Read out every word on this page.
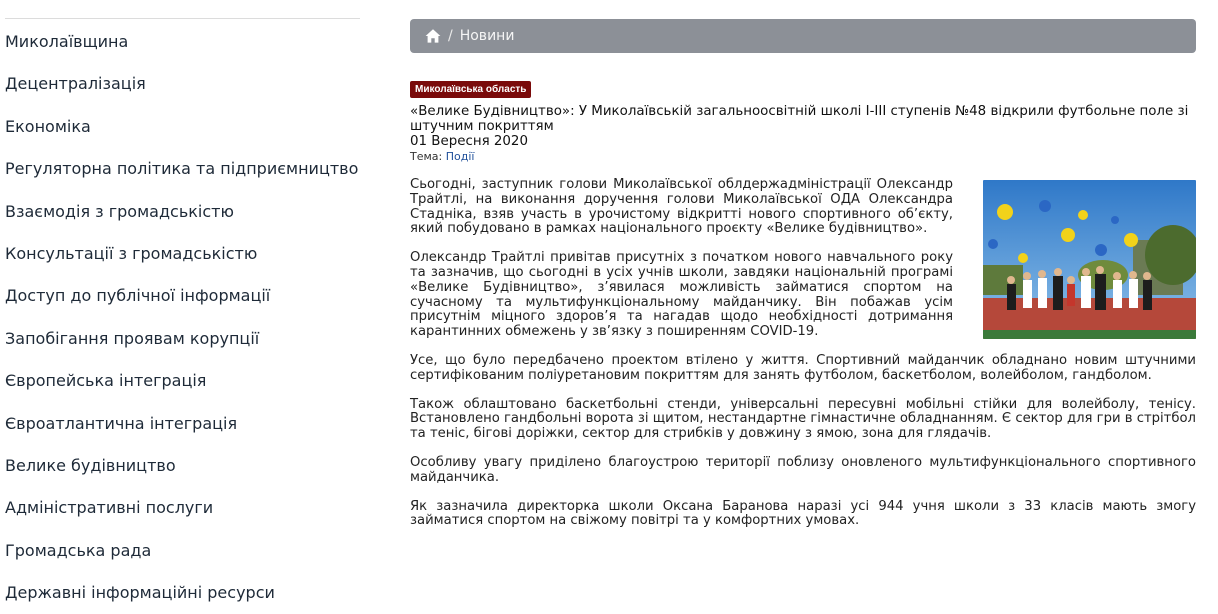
Миколаївщина
Децентралізація
Економіка
Регуляторна політика та підприємництво
Взаємодія з громадськістю
Консультації з громадськістю
Доступ до публічної інформації
Запобігання проявам корупції
Європейська інтеграція
Євроатлантична інтеграція
Велике будівництво
Адміністративні послуги
Громадська рада
Державні інформаційні ресурси
/ Новини
Миколаївська область
«Велике Будівництво»: У Миколаївській загальноосвітній школі І-ІІІ ступенів №48 відкрили футбольне поле зі штучним покриттям
01 Вересня 2020
Тема: Події

Сьогодні, заступник голови Миколаївської облдержадміністрації Олександр Трайтлі, на виконання доручення голови Миколаївської ОДА Олександра Стадніка, взяв участь в урочистому відкритті нового спортивного об’єкту, який побудовано в рамках національного проєкту «Велике будівництво».

Олександр Трайтлі привітав присутніх з початком нового навчального року та зазначив, що сьогодні в усіх учнів школи, завдяки національній програмі «Велике Будівництво», з’явилася можливість займатися спортом на сучасному та мультифункціональному майданчику. Він побажав усім присутнім міцного здоров’я та нагадав щодо необхідності дотримання карантинних обмежень у зв’язку з поширенням COVID-19.

Усе, що було передбачено проектом втілено у життя. Спортивний майданчик обладнано новим штучними сертифікованим поліуретановим покриттям для занять футболом, баскетболом, волейболом, гандболом.

Також облаштовано баскетбольні стенди, універсальні пересувні мобільні стійки для волейболу, тенісу. Встановлено гандбольні ворота зі щитом, нестандартне гімнастичне обладнанням. Є сектор для гри в стрітбол та теніс, бігові доріжки, сектор для стрибків у довжину з ямою, зона для глядачів.

Особливу увагу приділено благоустрою території поблизу оновленого мультифункціонального спортивного майданчика.

Як зазначила директорка школи Оксана Баранова наразі усі 944 учня школи з 33 класів мають змогу займатися спортом на свіжому повітрі та у комфортних умовах.
